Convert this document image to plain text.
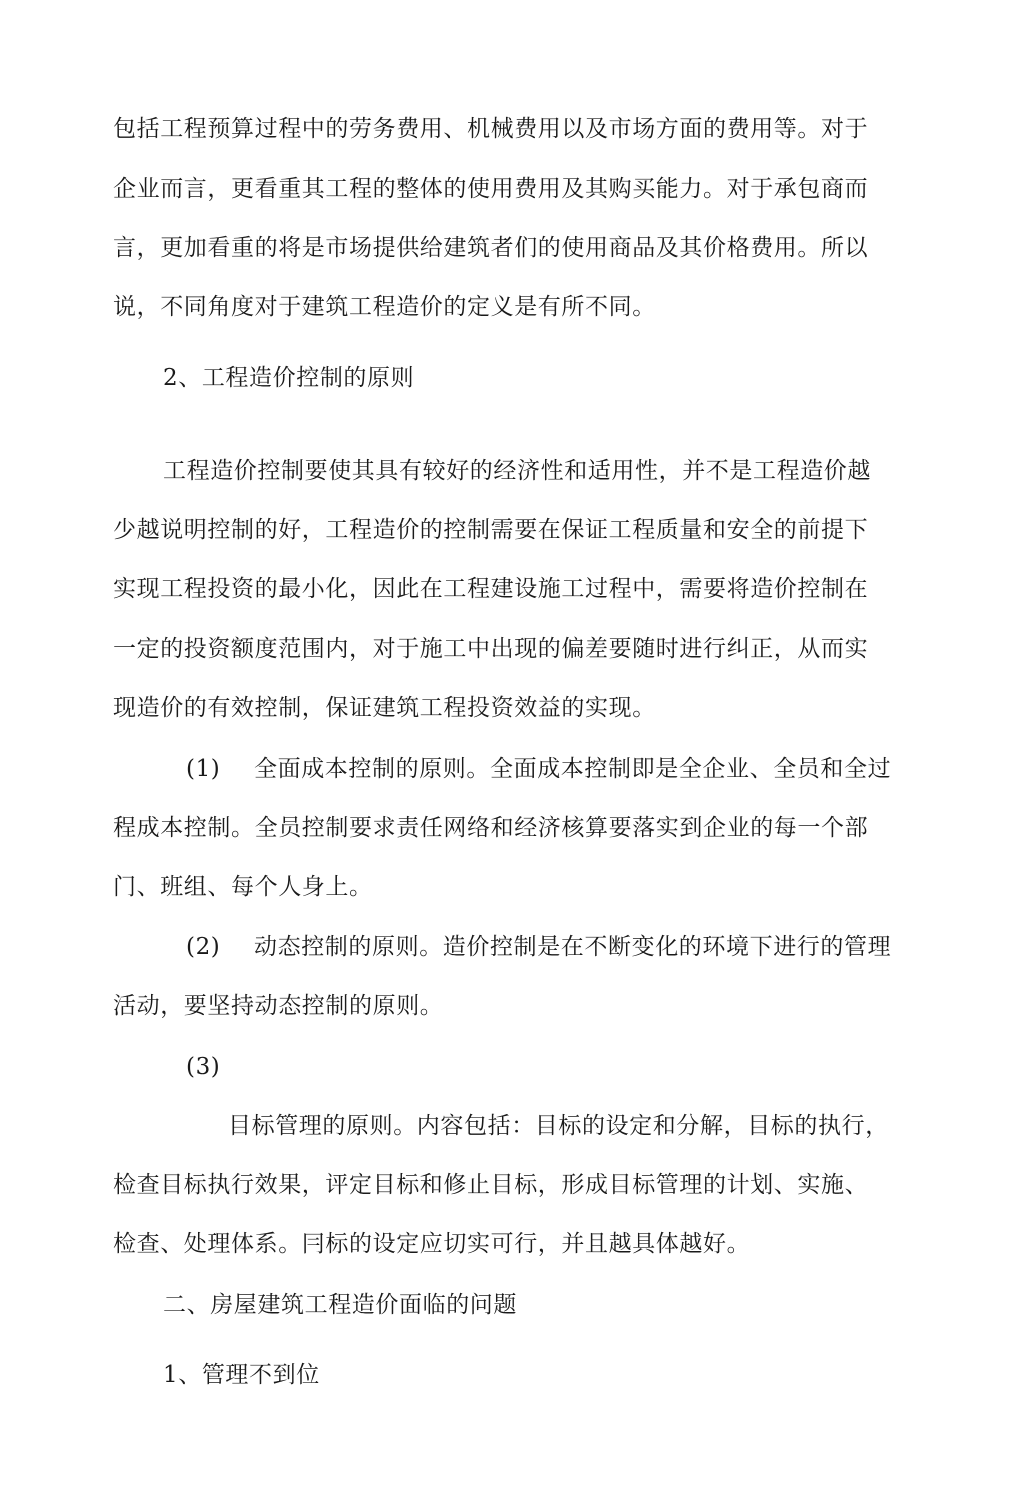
包括工程预算过程中的劳务费用、机械费用以及市场方面的费用等。对于
企业而言，更看重其工程的整体的使用费用及其购买能力。对于承包商而
言，更加看重的将是市场提供给建筑者们的使用商品及其价格费用。所以
说，不同角度对于建筑工程造价的定义是有所不同。
2、工程造价控制的原则
工程造价控制要使其具有较好的经济性和适用性，并不是工程造价越
少越说明控制的好，工程造价的控制需要在保证工程质量和安全的前提下
实现工程投资的最小化，因此在工程建设施工过程中，需要将造价控制在
一定的投资额度范围内，对于施工中出现的偏差要随时进行纠正，从而实
现造价的有效控制，保证建筑工程投资效益的实现。
(1) 全面成本控制的原则。全面成本控制即是全企业、全员和全过
程成本控制。全员控制要求责任网络和经济核算要落实到企业的每一个部
门、班组、每个人身上。
(2) 动态控制的原则。造价控制是在不断变化的环境下进行的管理
活动，要坚持动态控制的原则。
(3)
目标管理的原则。内容包括：目标的设定和分解，目标的执行，
检查目标执行效果，评定目标和修止目标，形成目标管理的计划、实施、
检查、处理体系。冃标的设定应切实可行，并且越具体越好。
二、房屋建筑工程造价面临的问题
1、管理不到位
